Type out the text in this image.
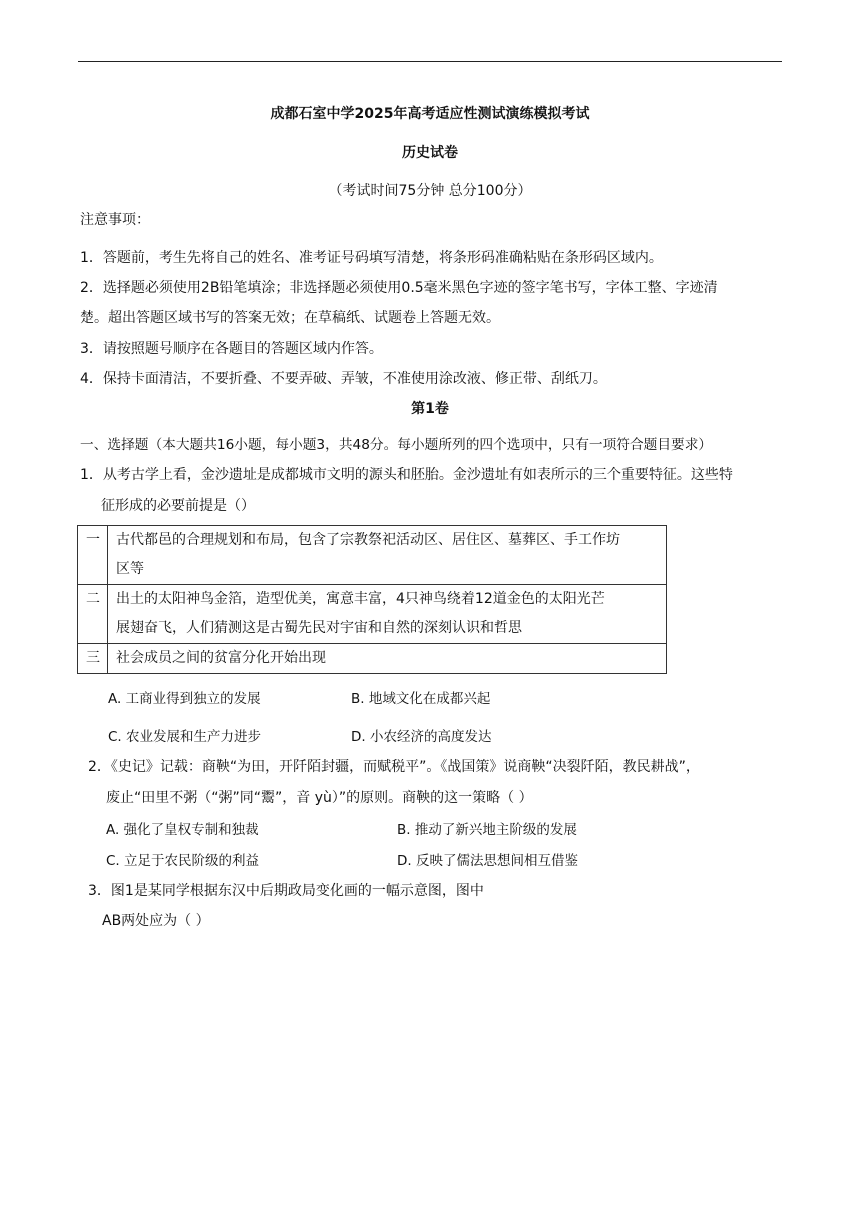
成都石室中学2025年高考适应性测试演练模拟考试
历史试卷
（考试时间75分钟 总分100分）
注意事项：
1．答题前，考生先将自己的姓名、准考证号码填写清楚，将条形码准确粘贴在条形码区域内。
2．选择题必须使用2B铅笔填涂；非选择题必须使用0.5毫米黑色字迹的签字笔书写，字体工整、字迹清
楚。超出答题区域书写的答案无效；在草稿纸、试题卷上答题无效。
3．请按照题号顺序在各题目的答题区域内作答。
4．保持卡面清洁，不要折叠、不要弄破、弄皱，不准使用涂改液、修正带、刮纸刀。
第1卷
一、选择题（本大题共16小题，每小题3，共48分。每小题所列的四个选项中，只有一项符合题目要求）
1．从考古学上看，金沙遗址是成都城市文明的源头和胚胎。金沙遗址有如表所示的三个重要特征。这些特
征形成的必要前提是（）
一	古代都邑的合理规划和布局，包含了宗教祭祀活动区、居住区、墓葬区、手工作坊
区等

二	出土的太阳神鸟金箔，造型优美，寓意丰富，4只神鸟绕着12道金色的太阳光芒
展翅奋飞，人们猜测这是古蜀先民对宇宙和自然的深刻认识和哲思

三	社会成员之间的贫富分化开始出现
A. 工商业得到独立的发展	B. 地域文化在成都兴起
C. 农业发展和生产力进步	D. 小农经济的高度发达
2．《史记》记载：商鞅“为田，开阡陌封疆，而赋税平”。《战国策》说商鞅“决裂阡陌，教民耕战”，
废止“田里不粥（“粥”同“鬻”，音 yù）”的原则。商鞅的这一策略（ ）
A. 强化了皇权专制和独裁	B. 推动了新兴地主阶级的发展
C. 立足于农民阶级的利益	D. 反映了儒法思想间相互借鉴
3．图1是某同学根据东汉中后期政局变化画的一幅示意图，图中
AB两处应为（ ）
